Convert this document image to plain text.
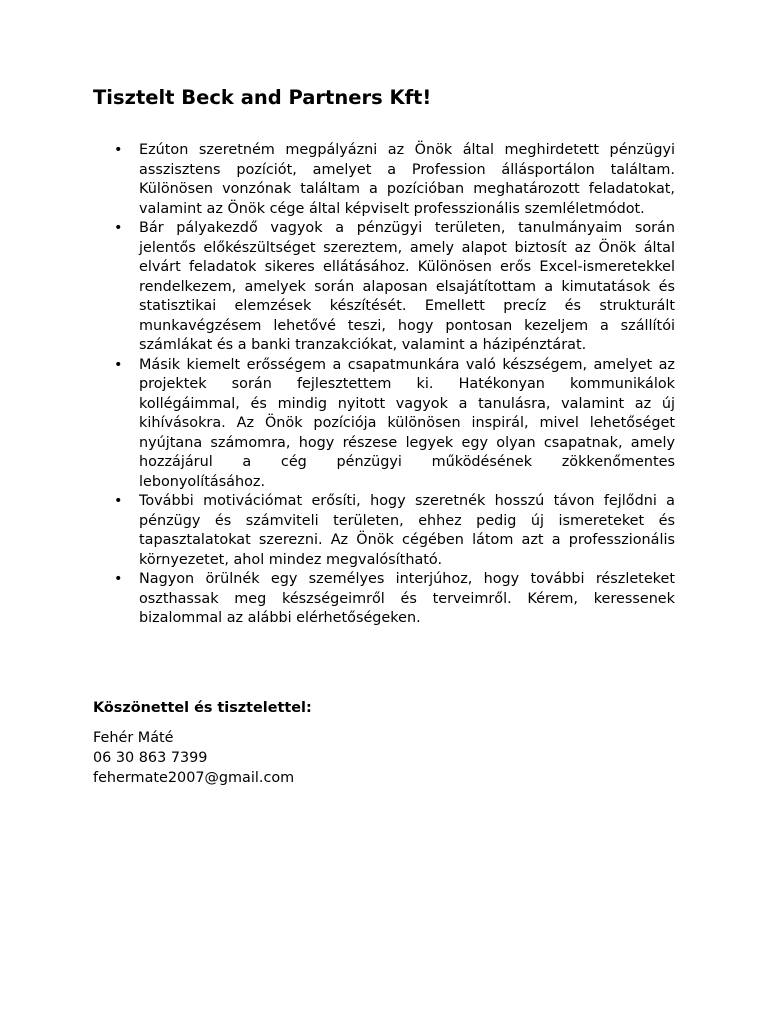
Tisztelt Beck and Partners Kft!
• Ezúton szeretném megpályázni az Önök által meghirdetett pénzügyi asszisztens pozíciót, amelyet a Profession állásportálon találtam. Különösen vonzónak találtam a pozícióban meghatározott feladatokat, valamint az Önök cége által képviselt professzionális szemléletmódot.
• Bár pályakezdő vagyok a pénzügyi területen, tanulmányaim során jelentős előkészültséget szereztem, amely alapot biztosít az Önök által elvárt feladatok sikeres ellátásához. Különösen erős Excel-ismeretekkel rendelkezem, amelyek során alaposan elsajátítottam a kimutatások és statisztikai elemzések készítését. Emellett precíz és strukturált munkavégzésem lehetővé teszi, hogy pontosan kezeljem a szállítói számlákat és a banki tranzakciókat, valamint a házipénztárat.
• Másik kiemelt erősségem a csapatmunkára való készségem, amelyet az projektek során fejlesztettem ki. Hatékonyan kommunikálok kollégáimmal, és mindig nyitott vagyok a tanulásra, valamint az új kihívásokra. Az Önök pozíciója különösen inspirál, mivel lehetőséget nyújtana számomra, hogy részese legyek egy olyan csapatnak, amely hozzájárul a cég pénzügyi működésének zökkenőmentes lebonyolításához.
• További motivációmat erősíti, hogy szeretnék hosszú távon fejlődni a pénzügy és számviteli területen, ehhez pedig új ismereteket és tapasztalatokat szerezni. Az Önök cégében látom azt a professzionális környezetet, ahol mindez megvalósítható.
• Nagyon örülnék egy személyes interjúhoz, hogy további részleteket oszthassak meg készségeimről és terveimről. Kérem, keressenek bizalommal az alábbi elérhetőségeken.
Köszönettel és tisztelettel:
Fehér Máté
06 30 863 7399
fehermate2007@gmail.com
